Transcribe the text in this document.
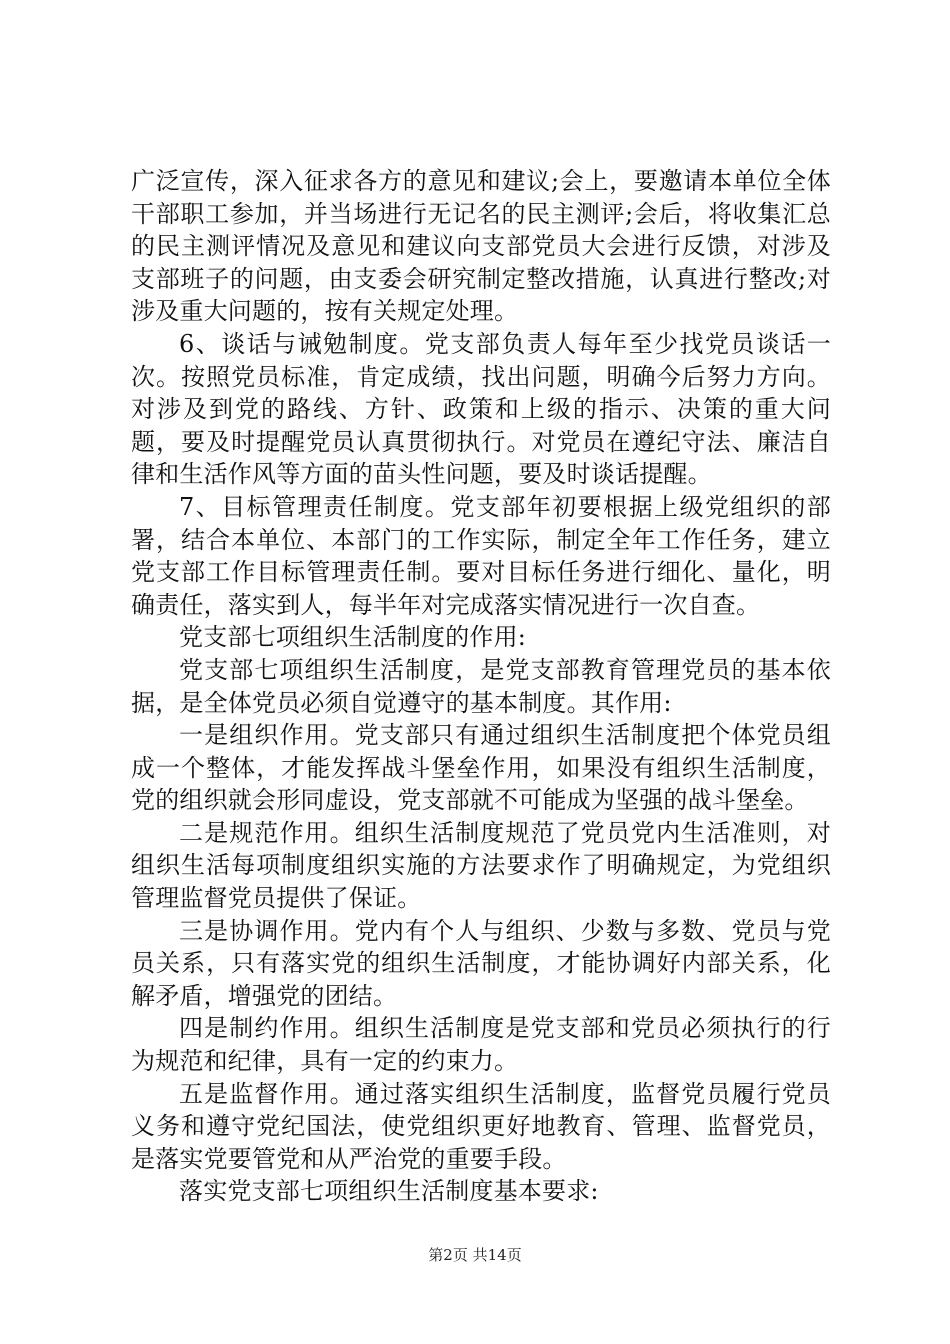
广泛宣传，深入征求各方的意见和建议;会上，要邀请本单位全体干部职工参加，并当场进行无记名的民主测评;会后，将收集汇总的民主测评情况及意见和建议向支部党员大会进行反馈，对涉及支部班子的问题，由支委会研究制定整改措施，认真进行整改;对涉及重大问题的，按有关规定处理。

6、谈话与诫勉制度。党支部负责人每年至少找党员谈话一次。按照党员标准，肯定成绩，找出问题，明确今后努力方向。对涉及到党的路线、方针、政策和上级的指示、决策的重大问题，要及时提醒党员认真贯彻执行。对党员在遵纪守法、廉洁自律和生活作风等方面的苗头性问题，要及时谈话提醒。

7、目标管理责任制度。党支部年初要根据上级党组织的部署，结合本单位、本部门的工作实际，制定全年工作任务，建立党支部工作目标管理责任制。要对目标任务进行细化、量化，明确责任，落实到人，每半年对完成落实情况进行一次自查。

党支部七项组织生活制度的作用:

党支部七项组织生活制度，是党支部教育管理党员的基本依据，是全体党员必须自觉遵守的基本制度。其作用:

一是组织作用。党支部只有通过组织生活制度把个体党员组成一个整体，才能发挥战斗堡垒作用，如果没有组织生活制度，党的组织就会形同虚设，党支部就不可能成为坚强的战斗堡垒。

二是规范作用。组织生活制度规范了党员党内生活准则，对组织生活每项制度组织实施的方法要求作了明确规定，为党组织管理监督党员提供了保证。

三是协调作用。党内有个人与组织、少数与多数、党员与党员关系，只有落实党的组织生活制度，才能协调好内部关系，化解矛盾，增强党的团结。

四是制约作用。组织生活制度是党支部和党员必须执行的行为规范和纪律，具有一定的约束力。

五是监督作用。通过落实组织生活制度，监督党员履行党员义务和遵守党纪国法，使党组织更好地教育、管理、监督党员，是落实党要管党和从严治党的重要手段。

落实党支部七项组织生活制度基本要求:

第2页 共14页
